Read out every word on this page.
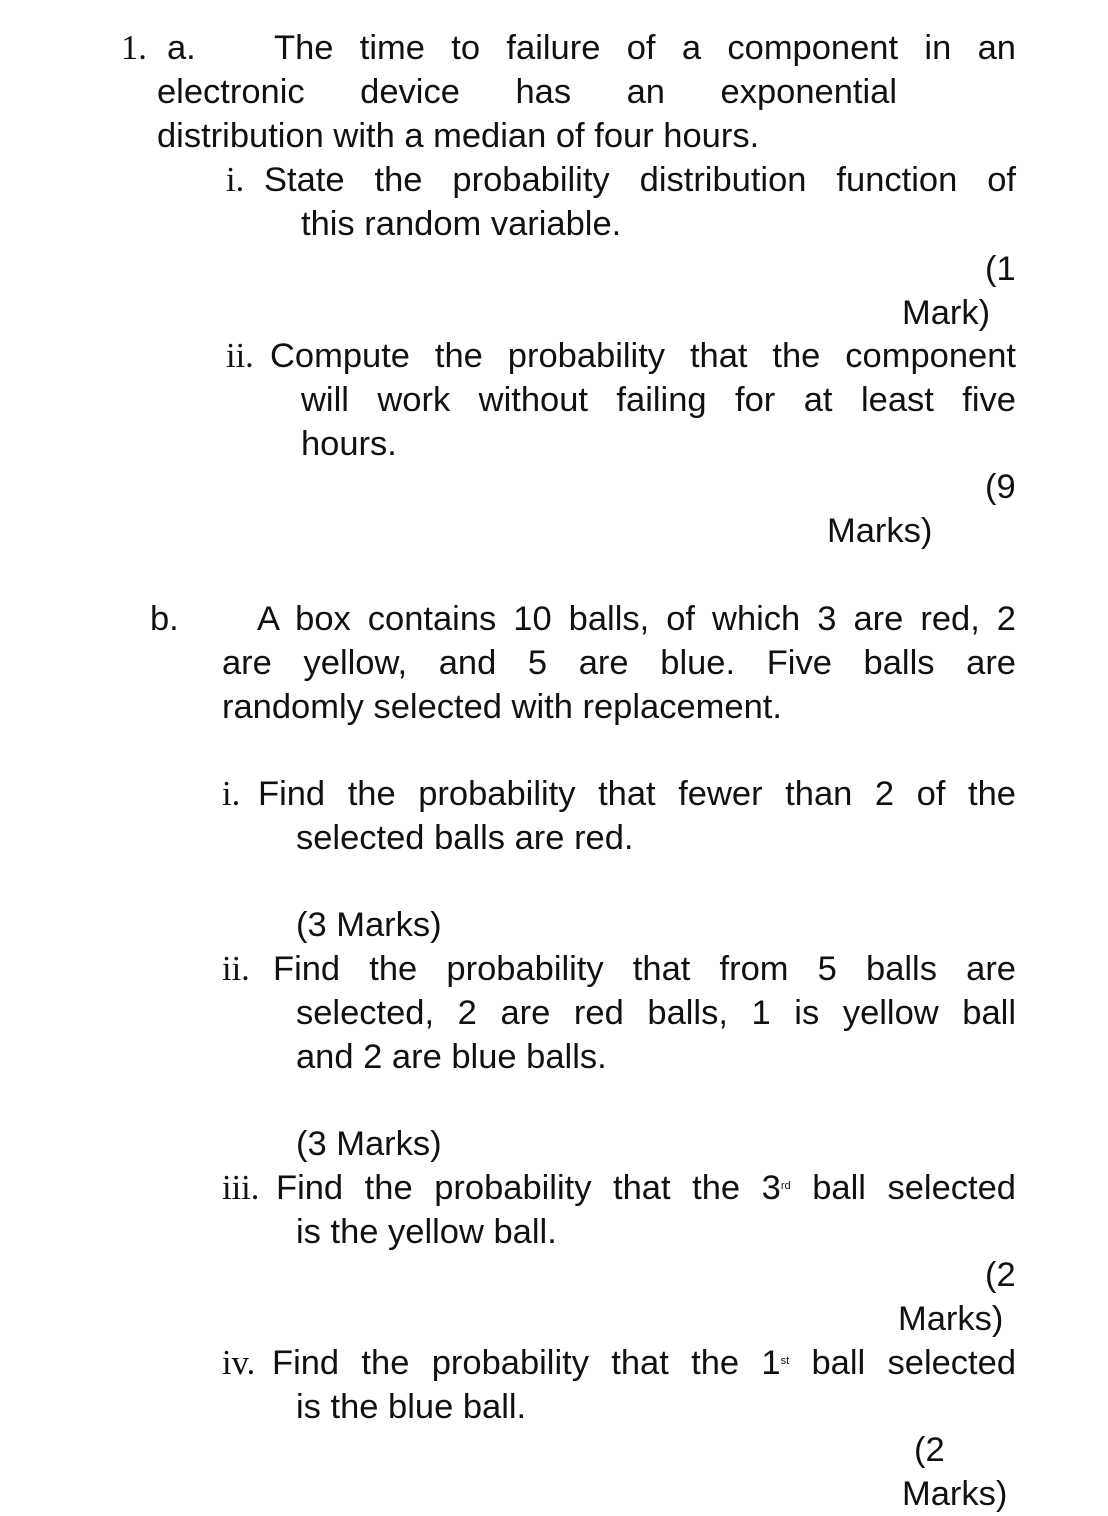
1. a. The time to failure of a component in an
electronic device has an exponential
distribution with a median of four hours.
i. State the probability distribution function of
this random variable.
(1
Mark)
ii. Compute the probability that the component
will work without failing for at least five
hours.
(9
Marks)
b. A box contains 10 balls, of which 3 are red, 2
are yellow, and 5 are blue. Five balls are
randomly selected with replacement.
i. Find the probability that fewer than 2 of the
selected balls are red.
(3 Marks)
ii. Find the probability that from 5 balls are
selected, 2 are red balls, 1 is yellow ball
and 2 are blue balls.
(3 Marks)
iii. Find the probability that the 3rd ball selected
is the yellow ball.
(2
Marks)
iv. Find the probability that the 1st ball selected
is the blue ball.
(2
Marks)
